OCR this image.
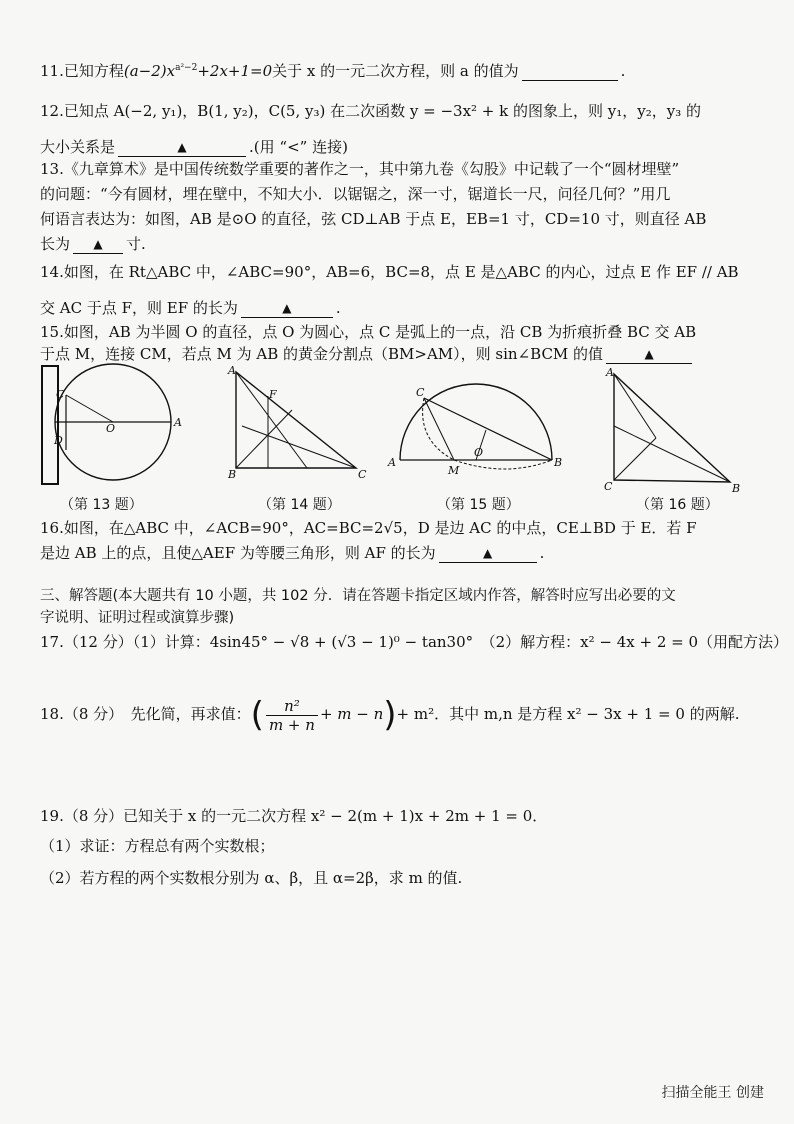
11.已知方程$(a-2)x^{a^2-2}+2x+1=0$关于 x 的一元二次方程，则 a 的值为	.
12.已知点 A(−2, y₁)，B(1, y₂)，C(5, y₃) 在二次函数 y = −3x² + k 的图象上，则 y₁，y₂，y₃ 的
大小关系是	▲	.(用 “<” 连接)
13.《九章算术》是中国传统数学重要的著作之一，其中第九卷《勾股》中记载了一个“圆材埋壁”
的问题：“今有圆材，埋在壁中，不知大小．以锯锯之，深一寸，锯道长一尺，问径几何？”用几
何语言表达为：如图，AB 是⊙O 的直径，弦 CD⊥AB 于点 E，EB=1 寸，CD=10 寸，则直径 AB
长为 ▲ 寸.
14.如图，在 Rt△ABC 中，∠ABC=90°，AB=6，BC=8，点 E 是△ABC 的内心，过点 E 作 EF // AB
交 AC 于点 F，则 EF 的长为	▲	.
15.如图，AB 为半圆 O 的直径，点 O 为圆心，点 C 是弧上的一点，沿 CB 为折痕折叠 BC 交 AB
于点 M，连接 CM，若点 M 为 AB 的黄金分割点（BM>AM），则 sin∠BCM 的值	▲
C
D
O	A
A
F
B	C
C
A
M
O
B
A
C	B
（第 13 题）	（第 14 题）	（第 15 题）	（第 16 题）
16.如图，在△ABC 中，∠ACB=90°，AC=BC=2√5，D 是边 AC 的中点，CE⊥BD 于 E．若 F
是边 AB 上的点，且使△AEF 为等腰三角形，则 AF 的长为	▲	.
三、解答题(本大题共有 10 小题，共 102 分．请在答题卡指定区域内作答，解答时应写出必要的文
字说明、证明过程或演算步骤)
17.（12 分）（1）计算：4sin45° − √8 + (√3 − 1)⁰ − tan30°　（2）解方程：x² − 4x + 2 = 0（用配方法）
18.（8 分）　先化简，再求值：( $\frac{\text{n²}}{m + n} + m - n)+ m^2$．其中 m,n 是方程 x² − 3x + 1 = 0 的两解.
19.（8 分）已知关于 x 的一元二次方程 x² − 2(m + 1)x + 2m + 1 = 0．
（1）求证：方程总有两个实数根；
（2）若方程的两个实数根分别为 α、β，且 α=2β，求 m 的值.
扫描全能王 创建
